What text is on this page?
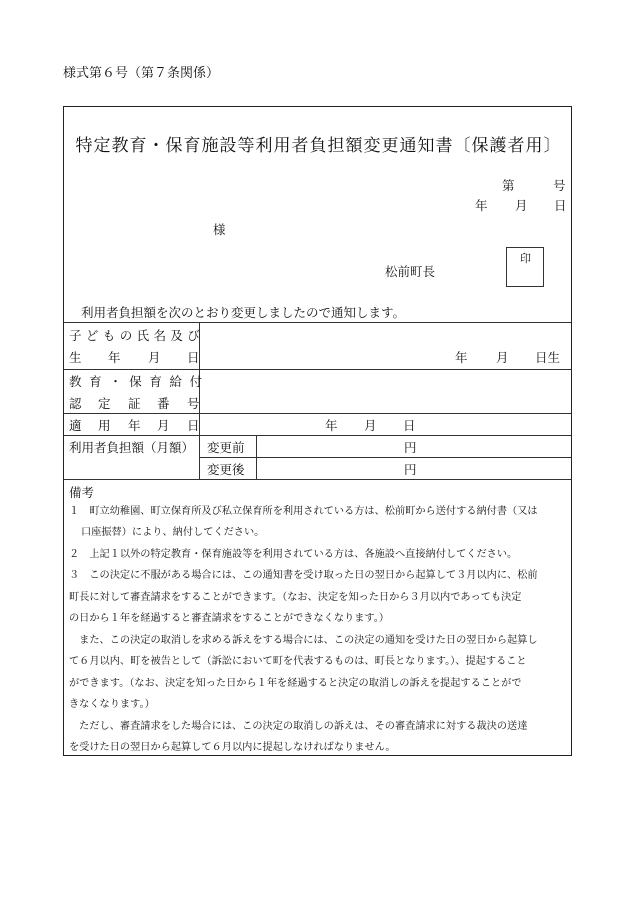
様式第６号（第７条関係）
特定教育・保育施設等利用者負担額変更通知書〔保護者用〕
第	号
年 月 日
様
松前町長
印
利用者負担額を次のとおり変更しましたので通知します。
子どもの氏名及び
生 年 月 日	年 月 日生
教育・保育給付
認 定 証 番 号
適 用 年 月 日	年 月 日
利用者負担額（月額） 変更前	円
変更後	円
備考
１　町立幼稚園、町立保育所及び私立保育所を利用されている方は、松前町から送付する納付書（又は
口座振替）により、納付してください。
２　上記１以外の特定教育・保育施設等を利用されている方は、各施設へ直接納付してください。
３　この決定に不服がある場合には、この通知書を受け取った日の翌日から起算して３月以内に、松前
町長に対して審査請求をすることができます。（なお、決定を知った日から３月以内であっても決定
の日から１年を経過すると審査請求をすることができなくなります。）
　また、この決定の取消しを求める訴えをする場合には、この決定の通知を受けた日の翌日から起算し
て６月以内、町を被告として（訴訟において町を代表するものは、町長となります。）、提起すること
ができます。（なお、決定を知った日から１年を経過すると決定の取消しの訴えを提起することがで
きなくなります。）
　ただし、審査請求をした場合には、この決定の取消しの訴えは、その審査請求に対する裁決の送達
を受けた日の翌日から起算して６月以内に提起しなければなりません。
